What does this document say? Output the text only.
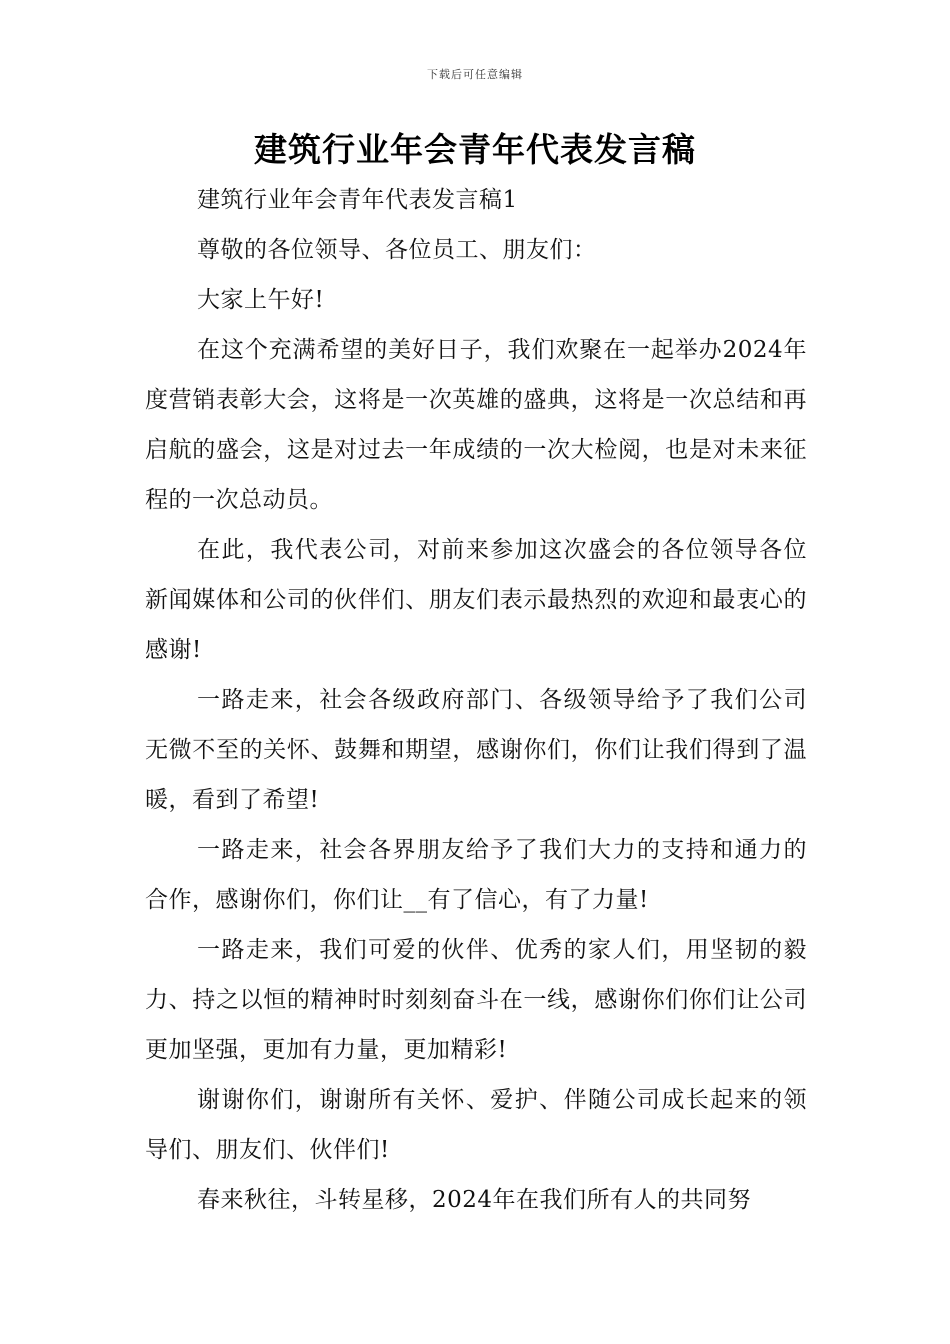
下载后可任意编辑
建筑行业年会青年代表发言稿

建筑行业年会青年代表发言稿1

尊敬的各位领导、各位员工、朋友们：

大家上午好!

在这个充满希望的美好日子，我们欢聚在一起举办2024年度营销表彰大会，这将是一次英雄的盛典，这将是一次总结和再启航的盛会，这是对过去一年成绩的一次大检阅，也是对未来征程的一次总动员。

在此，我代表公司，对前来参加这次盛会的各位领导各位新闻媒体和公司的伙伴们、朋友们表示最热烈的欢迎和最衷心的感谢!

一路走来，社会各级政府部门、各级领导给予了我们公司无微不至的关怀、鼓舞和期望，感谢你们，你们让我们得到了温暖，看到了希望!

一路走来，社会各界朋友给予了我们大力的支持和通力的合作，感谢你们，你们让__有了信心，有了力量!

一路走来，我们可爱的伙伴、优秀的家人们，用坚韧的毅力、持之以恒的精神时时刻刻奋斗在一线，感谢你们你们让公司更加坚强，更加有力量，更加精彩!

谢谢你们，谢谢所有关怀、爱护、伴随公司成长起来的领导们、朋友们、伙伴们!

春来秋往，斗转星移，2024年在我们所有人的共同努
